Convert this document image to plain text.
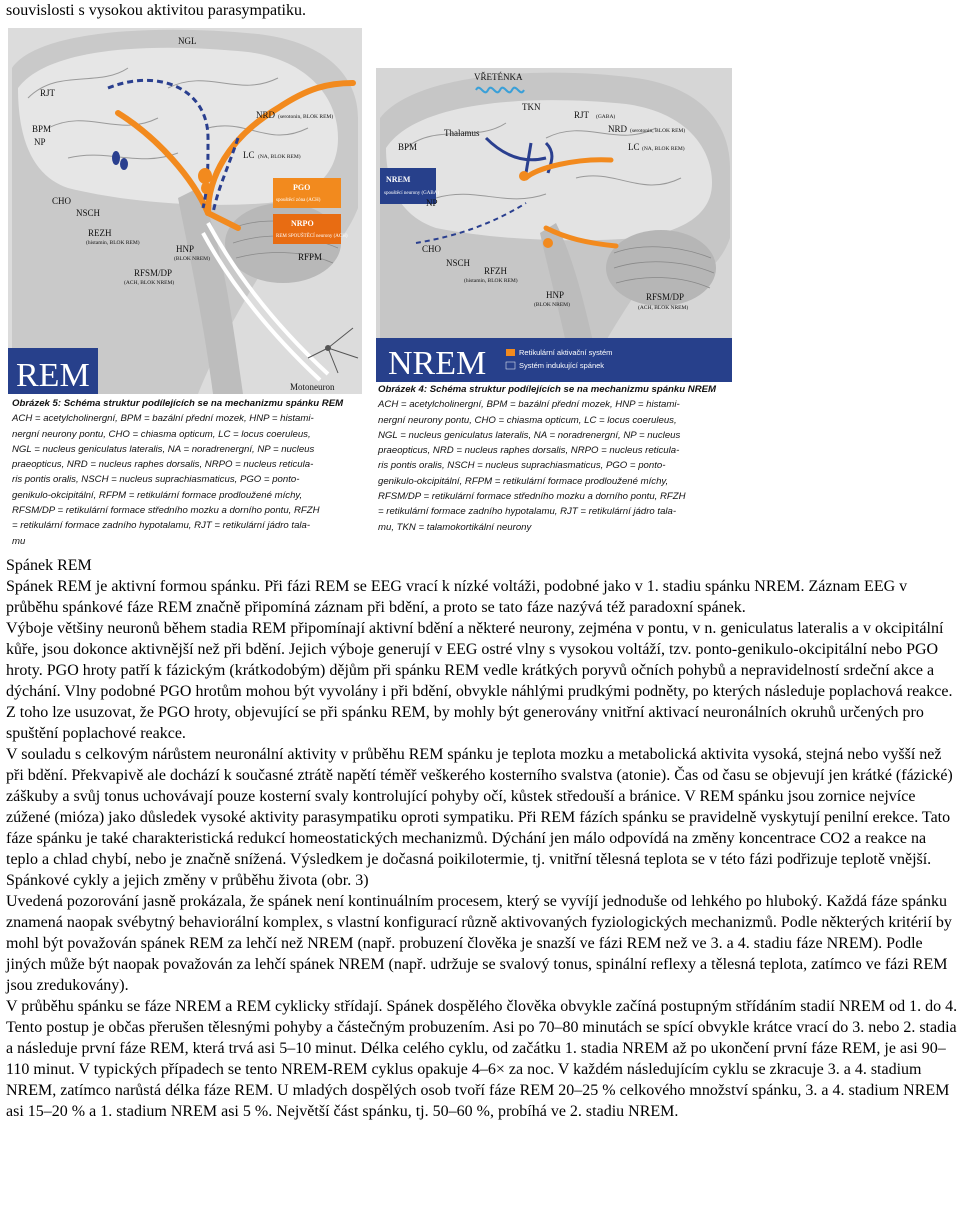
souvislosti s vysokou aktivitou parasympatiku.
REM
NGL
RJT
BPM
NP
NRD (serotonin, BLOK REM)
LC (NA, BLOK REM)
CHO
NSCH
REZH
(histamin, BLOK REM)
HNP
(BLOK NREM)
RFSM/DP
(ACH, BLOK NREM)
RFPM
PGO
spouštěcí zóna (ACH)
NRPO
REM SPOUŠTĚCÍ neurony (ACH)
Motoneuron
Obrázek 5: Schéma struktur podílejících se na mechanizmu spánku REM
ACH = acetylcholinergní, BPM = bazální přední mozek, HNP = histami-
nergní neurony pontu, CHO = chiasma opticum, LC = locus coeruleus,
NGL = nucleus geniculatus lateralis, NA = noradrenergní, NP = nucleus
praeopticus, NRD = nucleus raphes dorsalis, NRPO = nucleus reticula-
ris pontis oralis, NSCH = nucleus suprachiasmaticus, PGO = ponto-
genikulo-okcipitální, RFPM = retikulární formace prodloužené míchy,
RFSM/DP = retikulární formace středního mozku a dorního pontu, RFZH
= retikulární formace zadního hypotalamu, RJT = retikulární jádro tala-
mu
NREM	Retikulární aktivační systém
Systém indukující spánek
VŘETÉNKA
TKN
RJT (GABA)
Thalamus	NRD (serotonin, BLOK REM)
LC (NA, BLOK REM)
BPM
NREM
spouštěcí neurony (GABA)
NP
CHO
NSCH
RFZH
(histamin, BLOK REM)
HNP
(BLOK NREM)
RFSM/DP
(ACH, BLOK NREM)
Obrázek 4: Schéma struktur podílejících se na mechanizmu spánku NREM
ACH = acetylcholinergní, BPM = bazální přední mozek, HNP = histami-
nergní neurony pontu, CHO = chiasma opticum, LC = locus coeruleus,
NGL = nucleus geniculatus lateralis, NA = noradrenergní, NP = nucleus
praeopticus, NRD = nucleus raphes dorsalis, NRPO = nucleus reticula-
ris pontis oralis, NSCH = nucleus suprachiasmaticus, PGO = ponto-
genikulo-okcipitální, RFPM = retikulární formace prodloužené míchy,
RFSM/DP = retikulární formace středního mozku a dorního pontu, RFZH
= retikulární formace zadního hypotalamu, RJT = retikulární jádro tala-
mu, TKN = talamokortikální neurony

Spánek REM

Spánek REM je aktivní formou spánku. Při fázi REM se EEG vrací k nízké voltáži, podobné jako v 1. stadiu spánku NREM. Záznam EEG v průběhu spánkové fáze REM značně připomíná záznam při bdění, a proto se tato fáze nazývá též paradoxní spánek.

Výboje většiny neuronů během stadia REM připomínají aktivní bdění a některé neurony, zejména v pontu, v n. geniculatus lateralis a v okcipitální kůře, jsou dokonce aktivnější než při bdění. Jejich výboje generují v EEG ostré vlny s vysokou voltáží, tzv. ponto-genikulo-okcipitální nebo PGO hroty. PGO hroty patří k fázickým (krátkodobým) dějům při spánku REM vedle krátkých poryvů očních pohybů a nepravidelností srdeční akce a dýchání. Vlny podobné PGO hrotům mohou být vyvolány i při bdění, obvykle náhlými prudkými podněty, po kterých následuje poplachová reakce. Z toho lze usuzovat, že PGO hroty, objevující se při spánku REM, by mohly být generovány vnitřní aktivací neuronálních okruhů určených pro spuštění poplachové reakce.

V souladu s celkovým nárůstem neuronální aktivity v průběhu REM spánku je teplota mozku a metabolická aktivita vysoká, stejná nebo vyšší než při bdění. Překvapivě ale dochází k současné ztrátě napětí téměř veškerého kosterního svalstva (atonie). Čas od času se objevují jen krátké (fázické) záškuby a svůj tonus uchovávají pouze kosterní svaly kontrolující pohyby očí, kůstek středouší a bránice. V REM spánku jsou zornice nejvíce zúžené (mióza) jako důsledek vysoké aktivity parasympatiku oproti sympatiku. Při REM fázích spánku se pravidelně vyskytují penilní erekce. Tato fáze spánku je také charakteristická redukcí homeostatických mechanizmů. Dýchání jen málo odpovídá na změny koncentrace CO2 a reakce na teplo a chlad chybí, nebo je značně snížená. Výsledkem je dočasná poikilotermie, tj. vnitřní tělesná teplota se v této fázi podřizuje teplotě vnější.

Spánkové cykly a jejich změny v průběhu života (obr. 3)

Uvedená pozorování jasně prokázala, že spánek není kontinuálním procesem, který se vyvíjí jednoduše od lehkého po hluboký. Každá fáze spánku znamená naopak svébytný behaviorální komplex, s vlastní konfigurací různě aktivovaných fyziologických mechanizmů. Podle některých kritérií by mohl být považován spánek REM za lehčí než NREM (např. probuzení člověka je snazší ve fázi REM než ve 3. a 4. stadiu fáze NREM). Podle jiných může být naopak považován za lehčí spánek NREM (např. udržuje se svalový tonus, spinální reflexy a tělesná teplota, zatímco ve fázi REM jsou zredukovány).

V průběhu spánku se fáze NREM a REM cyklicky střídají. Spánek dospělého člověka obvykle začíná postupným střídáním stadií NREM od 1. do 4. Tento postup je občas přerušen tělesnými pohyby a částečným probuzením. Asi po 70–80 minutách se spící obvykle krátce vrací do 3. nebo 2. stadia a následuje první fáze REM, která trvá asi 5–10 minut. Délka celého cyklu, od začátku 1. stadia NREM až po ukončení první fáze REM, je asi 90–110 minut. V typických případech se tento NREM-REM cyklus opakuje 4–6× za noc. V každém následujícím cyklu se zkracuje 3. a 4. stadium NREM, zatímco narůstá délka fáze REM. U mladých dospělých osob tvoří fáze REM 20–25 % celkového množství spánku, 3. a 4. stadium NREM asi 15–20 % a 1. stadium NREM asi 5 %. Největší část spánku, tj. 50–60 %, probíhá ve 2. stadiu NREM.
